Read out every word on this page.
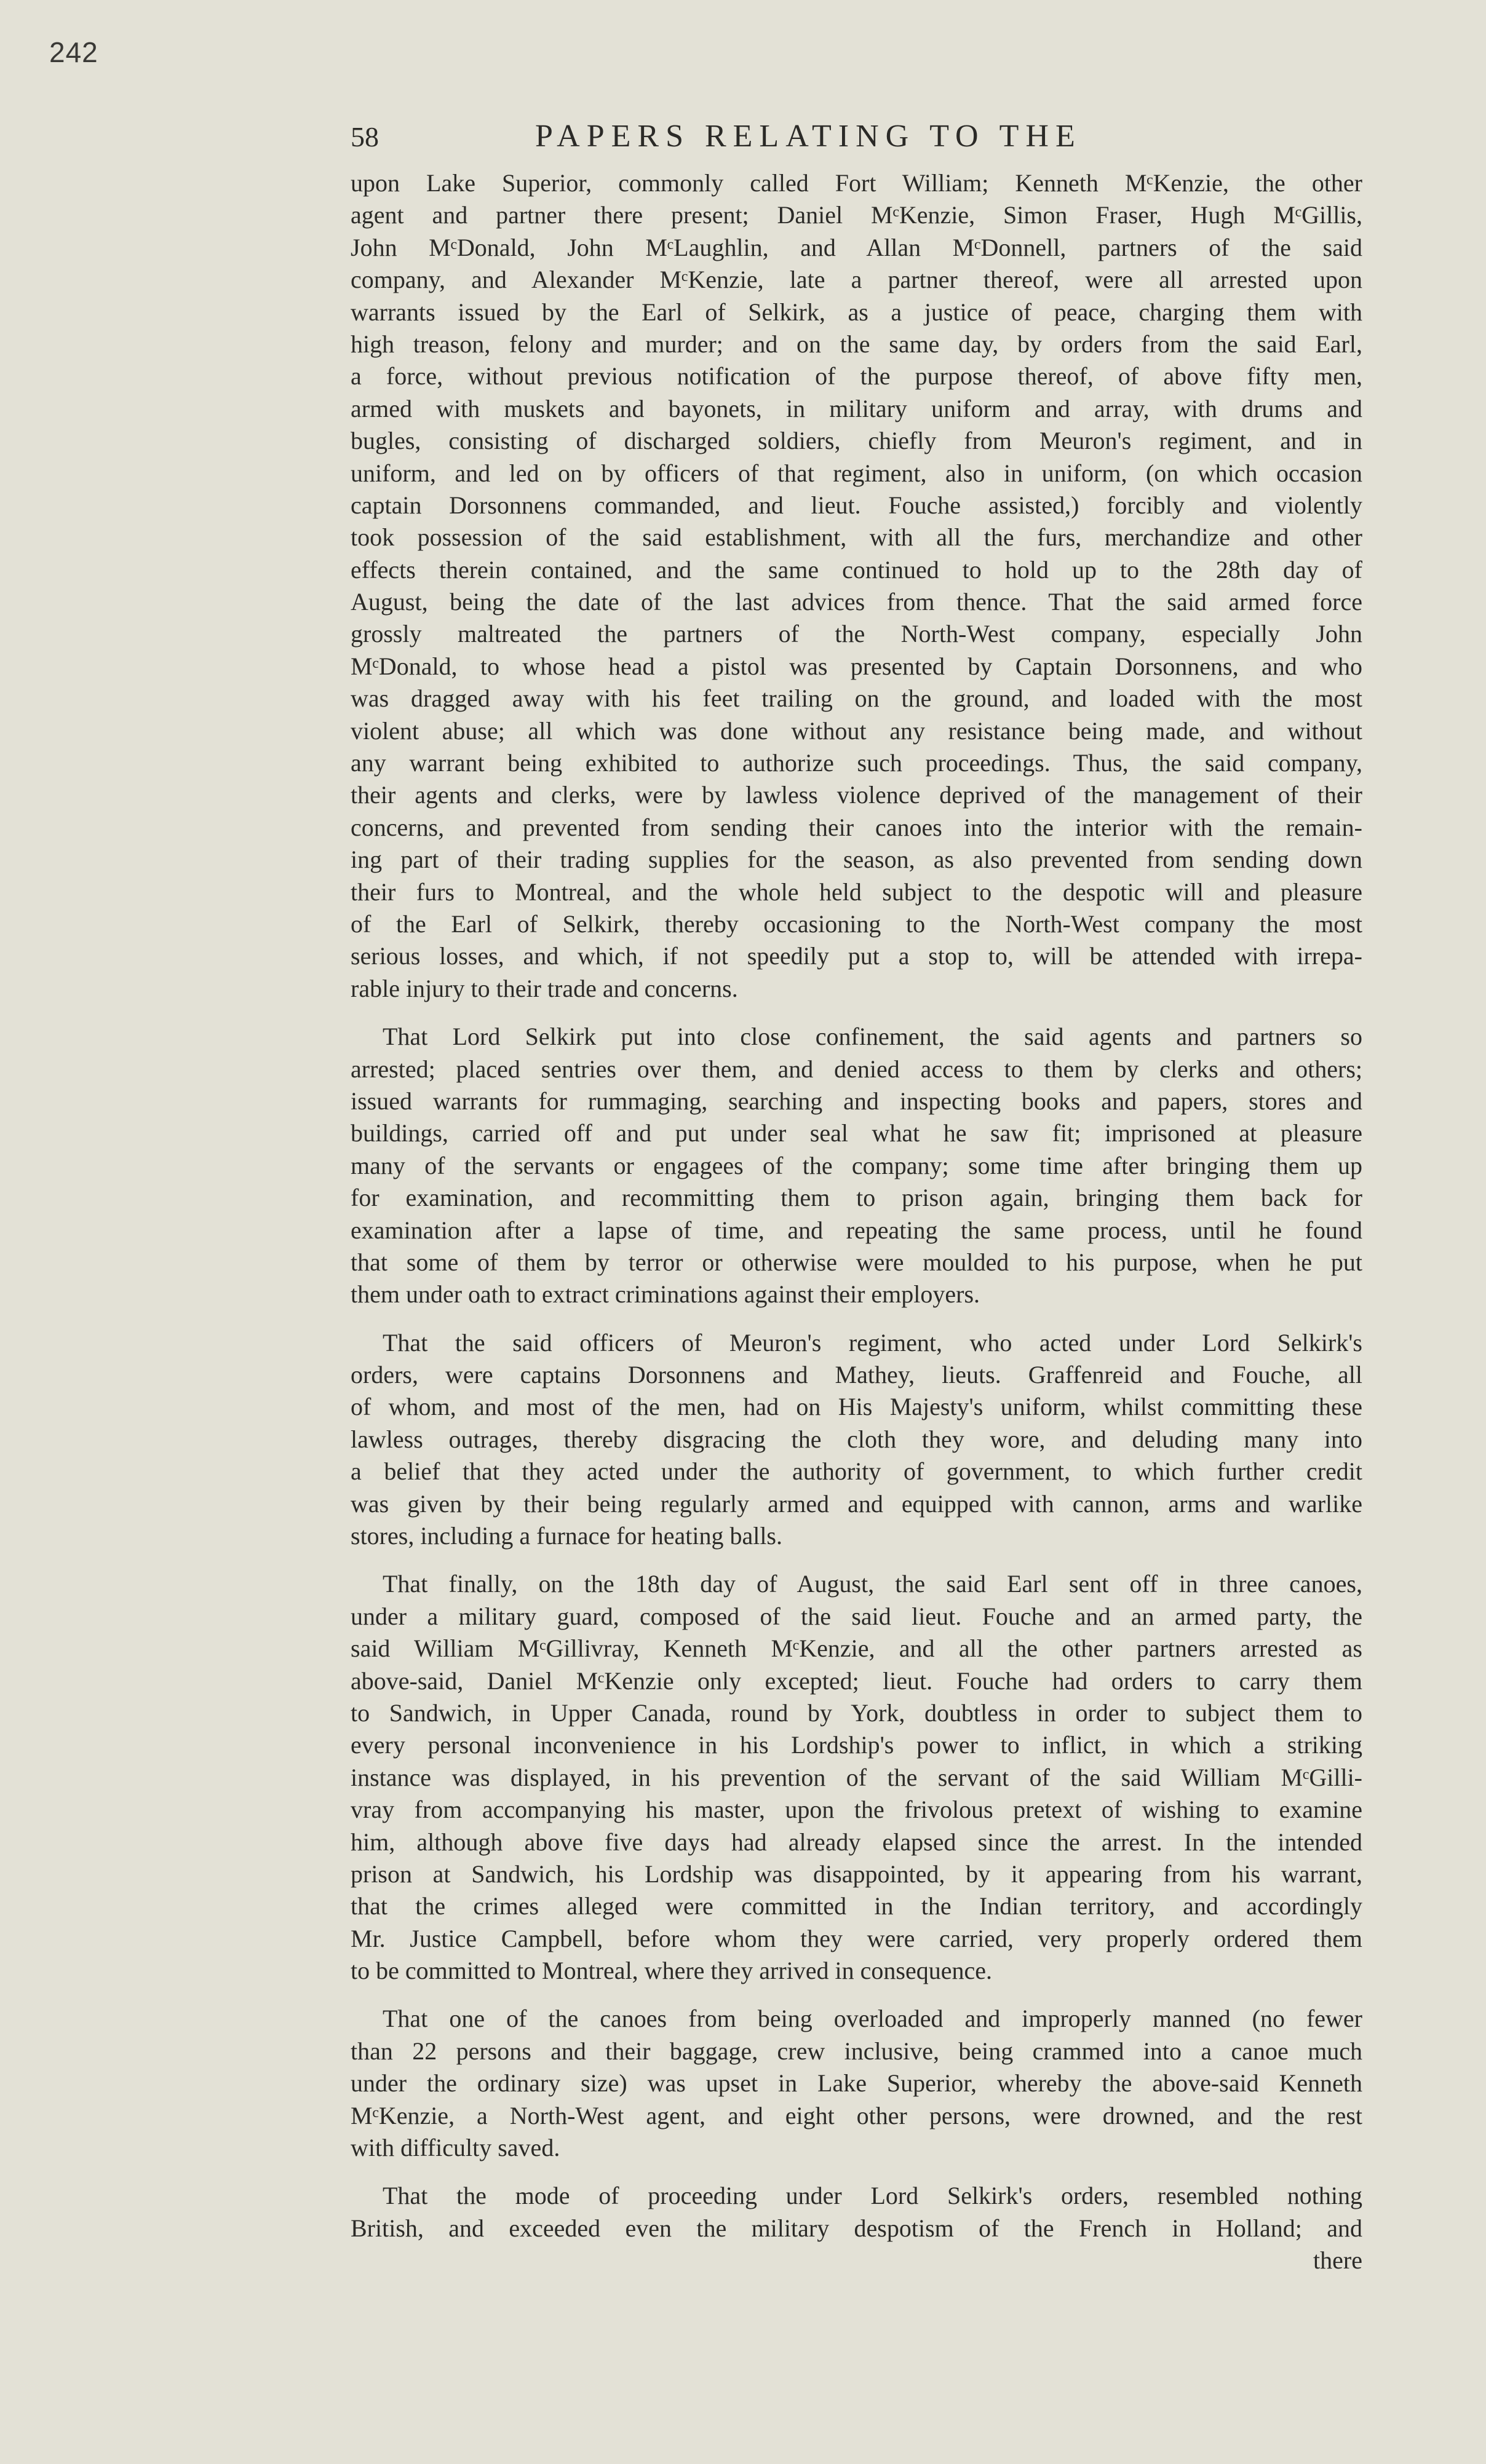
242
58	PAPERS RELATING TO THE
upon Lake Superior, commonly called Fort William; Kenneth MᶜKenzie, the other
agent and partner there present; Daniel MᶜKenzie, Simon Fraser, Hugh MᶜGillis,
John MᶜDonald, John MᶜLaughlin, and Allan MᶜDonnell, partners of the said
company, and Alexander MᶜKenzie, late a partner thereof, were all arrested upon
warrants issued by the Earl of Selkirk, as a justice of peace, charging them with
high treason, felony and murder; and on the same day, by orders from the said Earl,
a force, without previous notification of the purpose thereof, of above fifty men,
armed with muskets and bayonets, in military uniform and array, with drums and
bugles, consisting of discharged soldiers, chiefly from Meuron's regiment, and in
uniform, and led on by officers of that regiment, also in uniform, (on which occasion
captain Dorsonnens commanded, and lieut. Fouche assisted,) forcibly and violently
took possession of the said establishment, with all the furs, merchandize and other
effects therein contained, and the same continued to hold up to the 28th day of
August, being the date of the last advices from thence. That the said armed force
grossly maltreated the partners of the North-West company, especially John
MᶜDonald, to whose head a pistol was presented by Captain Dorsonnens, and who
was dragged away with his feet trailing on the ground, and loaded with the most
violent abuse; all which was done without any resistance being made, and without
any warrant being exhibited to authorize such proceedings. Thus, the said company,
their agents and clerks, were by lawless violence deprived of the management of their
concerns, and prevented from sending their canoes into the interior with the remain-
ing part of their trading supplies for the season, as also prevented from sending down
their furs to Montreal, and the whole held subject to the despotic will and pleasure
of the Earl of Selkirk, thereby occasioning to the North-West company the most
serious losses, and which, if not speedily put a stop to, will be attended with irrepa-
rable injury to their trade and concerns.
That Lord Selkirk put into close confinement, the said agents and partners so
arrested; placed sentries over them, and denied access to them by clerks and others;
issued warrants for rummaging, searching and inspecting books and papers, stores and
buildings, carried off and put under seal what he saw fit; imprisoned at pleasure
many of the servants or engagees of the company; some time after bringing them up
for examination, and recommitting them to prison again, bringing them back for
examination after a lapse of time, and repeating the same process, until he found
that some of them by terror or otherwise were moulded to his purpose, when he put
them under oath to extract criminations against their employers.
That the said officers of Meuron's regiment, who acted under Lord Selkirk's
orders, were captains Dorsonnens and Mathey, lieuts. Graffenreid and Fouche, all
of whom, and most of the men, had on His Majesty's uniform, whilst committing these
lawless outrages, thereby disgracing the cloth they wore, and deluding many into
a belief that they acted under the authority of government, to which further credit
was given by their being regularly armed and equipped with cannon, arms and warlike
stores, including a furnace for heating balls.
That finally, on the 18th day of August, the said Earl sent off in three canoes,
under a military guard, composed of the said lieut. Fouche and an armed party, the
said William MᶜGillivray, Kenneth MᶜKenzie, and all the other partners arrested as
above-said, Daniel MᶜKenzie only excepted; lieut. Fouche had orders to carry them
to Sandwich, in Upper Canada, round by York, doubtless in order to subject them to
every personal inconvenience in his Lordship's power to inflict, in which a striking
instance was displayed, in his prevention of the servant of the said William MᶜGilli-
vray from accompanying his master, upon the frivolous pretext of wishing to examine
him, although above five days had already elapsed since the arrest. In the intended
prison at Sandwich, his Lordship was disappointed, by it appearing from his warrant,
that the crimes alleged were committed in the Indian territory, and accordingly
Mr. Justice Campbell, before whom they were carried, very properly ordered them
to be committed to Montreal, where they arrived in consequence.
That one of the canoes from being overloaded and improperly manned (no fewer
than 22 persons and their baggage, crew inclusive, being crammed into a canoe much
under the ordinary size) was upset in Lake Superior, whereby the above-said Kenneth
MᶜKenzie, a North-West agent, and eight other persons, were drowned, and the rest
with difficulty saved.
That the mode of proceeding under Lord Selkirk's orders, resembled nothing
British, and exceeded even the military despotism of the French in Holland; and
there
